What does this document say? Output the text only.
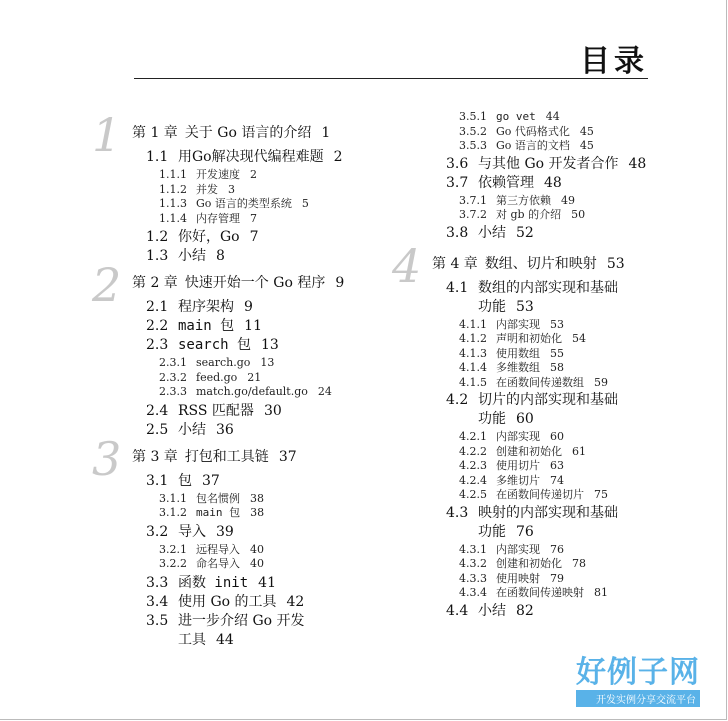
目录
好例子网
开发实例分享交流平台
1 第 1 章  关于 Go 语言的介绍 1
1.1 用Go解决现代编程难题 2
1.1.1 开发速度 2
1.1.2 并发 3
1.1.3 Go 语言的类型系统 5
1.1.4 内存管理 7
1.2 你好，Go 7
1.3 小结 8
2 第 2 章  快速开始一个 Go 程序 9
2.1 程序架构 9
2.2 main 包 11
2.3 search 包 13
2.3.1 search.go 13
2.3.2 feed.go 21
2.3.3 match.go/default.go 24
2.4 RSS 匹配器 30
2.5 小结 36
3 第 3 章  打包和工具链 37
3.1 包 37
3.1.1 包名惯例 38
3.1.2 main 包 38
3.2 导入 39
3.2.1 远程导入 40
3.2.2 命名导入 40
3.3 函数 init 41
3.4 使用 Go 的工具 42
3.5 进一步介绍 Go 开发
工具 44
3.5.1 go vet 44
3.5.2 Go 代码格式化 45
3.5.3 Go 语言的文档 45
3.6 与其他 Go 开发者合作 48
3.7 依赖管理 48
3.7.1 第三方依赖 49
3.7.2 对 gb 的介绍 50
3.8 小结 52
4 第 4 章  数组、切片和映射 53
4.1 数组的内部实现和基础
功能 53
4.1.1 内部实现 53
4.1.2 声明和初始化 54
4.1.3 使用数组 55
4.1.4 多维数组 58
4.1.5 在函数间传递数组 59
4.2 切片的内部实现和基础
功能 60
4.2.1 内部实现 60
4.2.2 创建和初始化 61
4.2.3 使用切片 63
4.2.4 多维切片 74
4.2.5 在函数间传递切片 75
4.3 映射的内部实现和基础
功能 76
4.3.1 内部实现 76
4.3.2 创建和初始化 78
4.3.3 使用映射 79
4.3.4 在函数间传递映射 81
4.4 小结 82
